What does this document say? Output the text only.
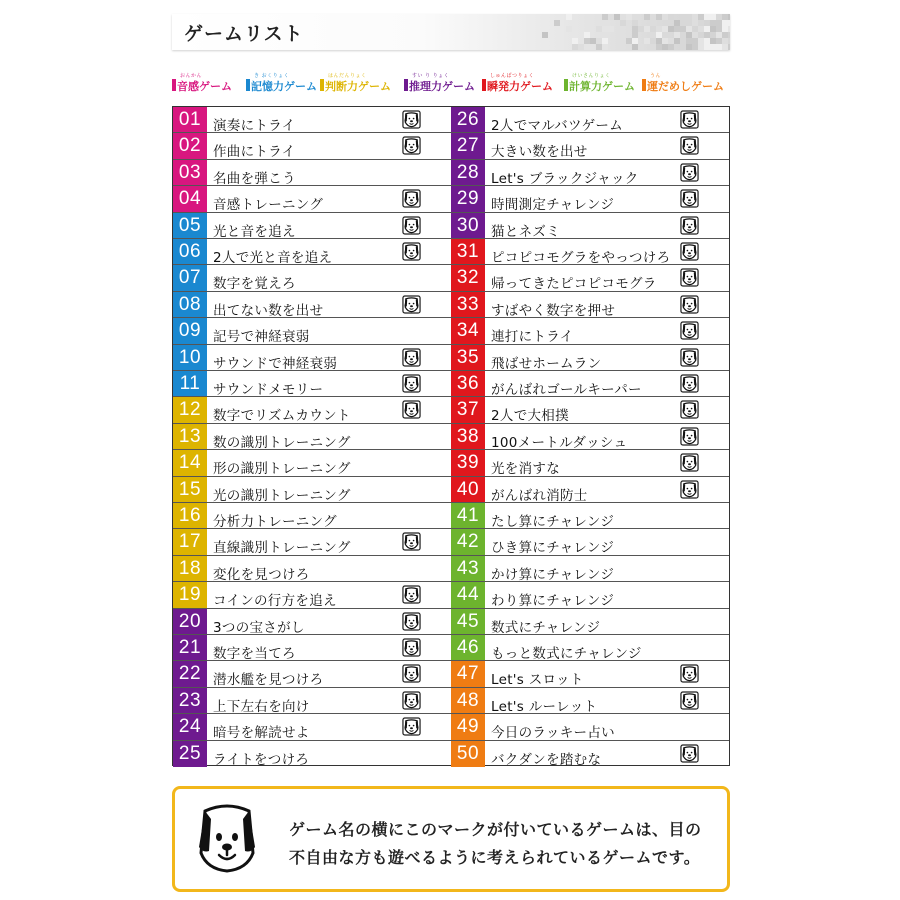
ゲームリスト
おんかん
音感ゲーム
き おくりょく
記憶力ゲーム
はんだんりょく
判断力ゲーム
すい り りょく
推理力ゲーム
しゅんぱつりょく
瞬発力ゲーム
けいさんりょく
計算力ゲーム
うん
運だめしゲーム
01 演奏にトライ
02 作曲にトライ
03 名曲を弾こう
04 音感トレーニング
05 光と音を追え
06 2人で光と音を追え
07 数字を覚えろ
08 出てない数を出せ
09 記号で神経衰弱
10 サウンドで神経衰弱
11 サウンドメモリー
12 数字でリズムカウント
13 数の識別トレーニング
14 形の識別トレーニング
15 光の識別トレーニング
16 分析力トレーニング
17 直線識別トレーニング
18 変化を見つけろ
19 コインの行方を追え
20 3つの宝さがし
21 数字を当てろ
22 潜水艦を見つけろ
23 上下左右を向け
24 暗号を解読せよ
25 ライトをつけろ
26 2人でマルバツゲーム
27 大きい数を出せ
28 Let's ブラックジャック
29 時間測定チャレンジ
30 猫とネズミ
31 ピコピコモグラをやっつけろ
32 帰ってきたピコピコモグラ
33 すばやく数字を押せ
34 連打にトライ
35 飛ばせホームラン
36 がんばれゴールキーパー
37 2人で大相撲
38 100メートルダッシュ
39 光を消すな
40 がんばれ消防士
41 たし算にチャレンジ
42 ひき算にチャレンジ
43 かけ算にチャレンジ
44 わり算にチャレンジ
45 数式にチャレンジ
46 もっと数式にチャレンジ
47 Let's スロット
48 Let's ルーレット
49 今日のラッキー占い
50 バクダンを踏むな
ゲーム名の横にこのマークが付いているゲームは、目の
不自由な方も遊べるように考えられているゲームです。
